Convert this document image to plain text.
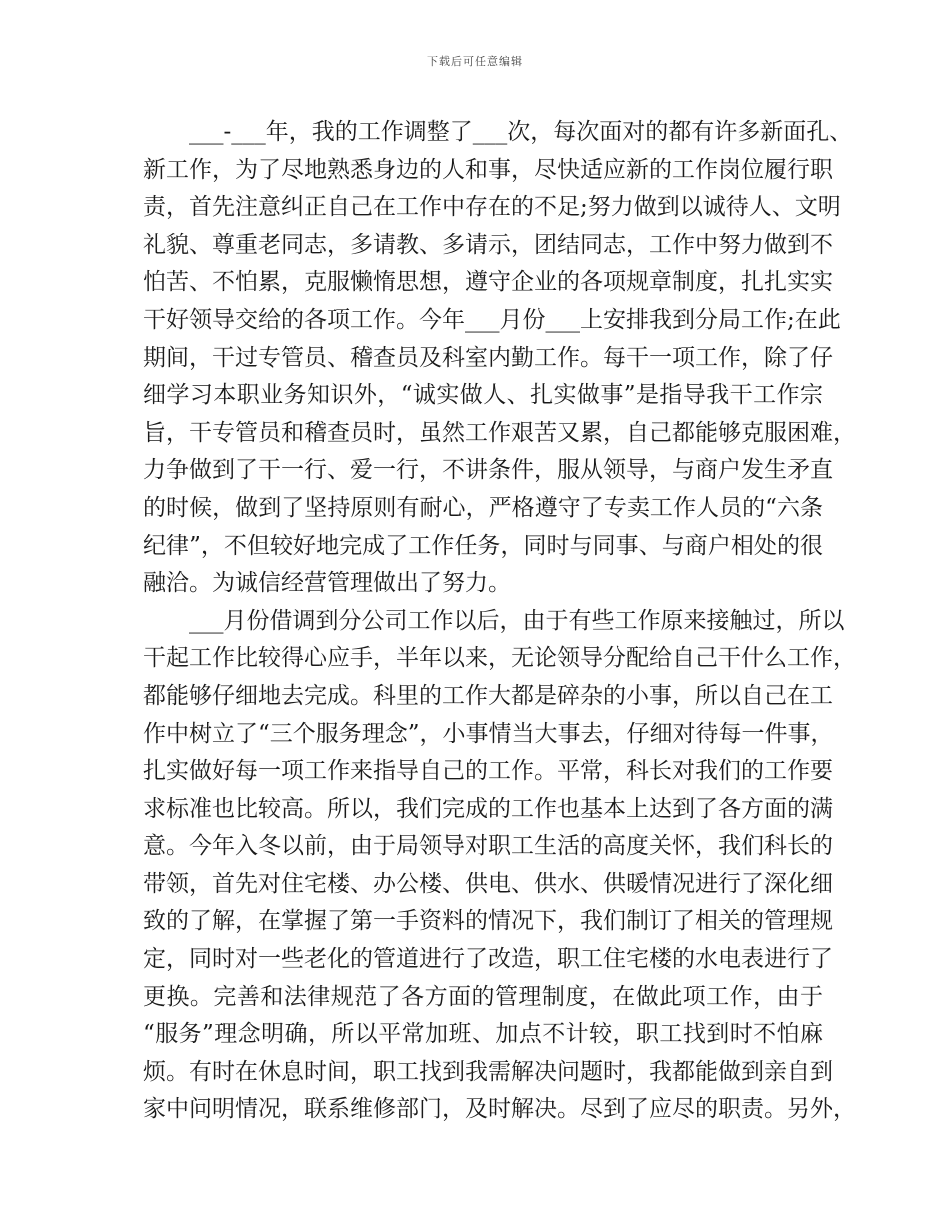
下载后可任意编辑
　　___-___年，我的工作调整了___次，每次面对的都有许多新面孔、
新工作，为了尽地熟悉身边的人和事，尽快适应新的工作岗位履行职
责，首先注意纠正自己在工作中存在的不足;努力做到以诚待人、文明
礼貌、尊重老同志，多请教、多请示，团结同志，工作中努力做到不
怕苦、不怕累，克服懒惰思想，遵守企业的各项规章制度，扎扎实实
干好领导交给的各项工作。今年___月份___上安排我到分局工作;在此
期间，干过专管员、稽查员及科室内勤工作。每干一项工作，除了仔
细学习本职业务知识外，“诚实做人、扎实做事”是指导我干工作宗
旨，干专管员和稽查员时，虽然工作艰苦又累，自己都能够克服困难，
力争做到了干一行、爱一行，不讲条件，服从领导，与商户发生矛直
的时候，做到了坚持原则有耐心，严格遵守了专卖工作人员的“六条
纪律”，不但较好地完成了工作任务，同时与同事、与商户相处的很
融洽。为诚信经营管理做出了努力。
　　___月份借调到分公司工作以后，由于有些工作原来接触过，所以
干起工作比较得心应手，半年以来，无论领导分配给自己干什么工作，
都能够仔细地去完成。科里的工作大都是碎杂的小事，所以自己在工
作中树立了“三个服务理念”，小事情当大事去，仔细对待每一件事，
扎实做好每一项工作来指导自己的工作。平常，科长对我们的工作要
求标准也比较高。所以，我们完成的工作也基本上达到了各方面的满
意。今年入冬以前，由于局领导对职工生活的高度关怀，我们科长的
带领，首先对住宅楼、办公楼、供电、供水、供暖情况进行了深化细
致的了解，在掌握了第一手资料的情况下，我们制订了相关的管理规
定，同时对一些老化的管道进行了改造，职工住宅楼的水电表进行了
更换。完善和法律规范了各方面的管理制度，在做此项工作，由于
“服务”理念明确，所以平常加班、加点不计较，职工找到时不怕麻
烦。有时在休息时间，职工找到我需解决问题时，我都能做到亲自到
家中问明情况，联系维修部门，及时解决。尽到了应尽的职责。另外，
